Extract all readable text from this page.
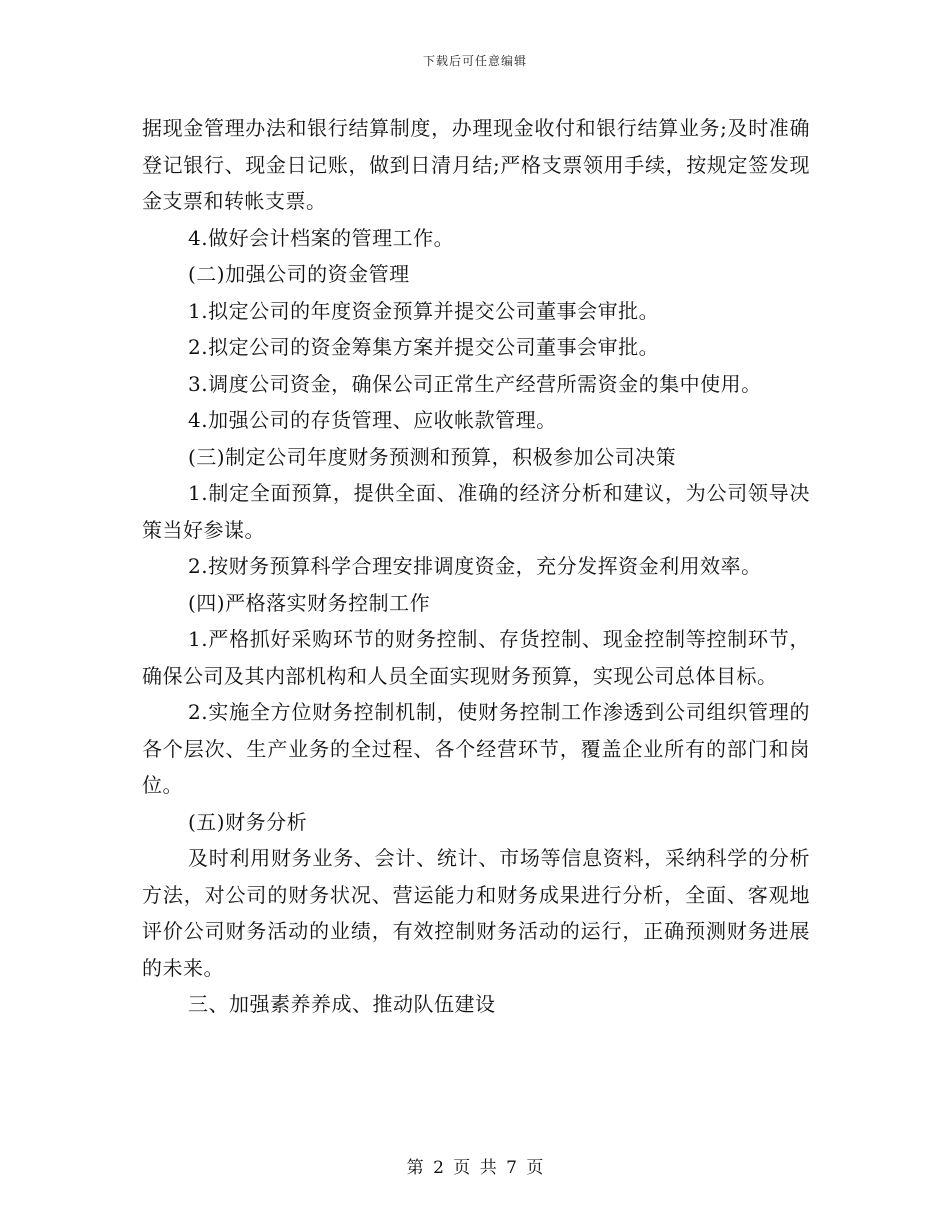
下载后可任意编辑

据现金管理办法和银行结算制度，办理现金收付和银行结算业务;及时准确登记银行、现金日记账，做到日清月结;严格支票领用手续，按规定签发现金支票和转帐支票。

4.做好会计档案的管理工作。

(二)加强公司的资金管理

1.拟定公司的年度资金预算并提交公司董事会审批。

2.拟定公司的资金筹集方案并提交公司董事会审批。

3.调度公司资金，确保公司正常生产经营所需资金的集中使用。

4.加强公司的存货管理、应收帐款管理。

(三)制定公司年度财务预测和预算，积极参加公司决策

1.制定全面预算，提供全面、准确的经济分析和建议，为公司领导决策当好参谋。

2.按财务预算科学合理安排调度资金，充分发挥资金利用效率。

(四)严格落实财务控制工作

1.严格抓好采购环节的财务控制、存货控制、现金控制等控制环节，确保公司及其内部机构和人员全面实现财务预算，实现公司总体目标。

2.实施全方位财务控制机制，使财务控制工作渗透到公司组织管理的各个层次、生产业务的全过程、各个经营环节，覆盖企业所有的部门和岗位。

(五)财务分析

及时利用财务业务、会计、统计、市场等信息资料，采纳科学的分析方法，对公司的财务状况、营运能力和财务成果进行分析，全面、客观地评价公司财务活动的业绩，有效控制财务活动的运行，正确预测财务进展的未来。

三、加强素养养成、推动队伍建设

第 2 页 共 7 页
